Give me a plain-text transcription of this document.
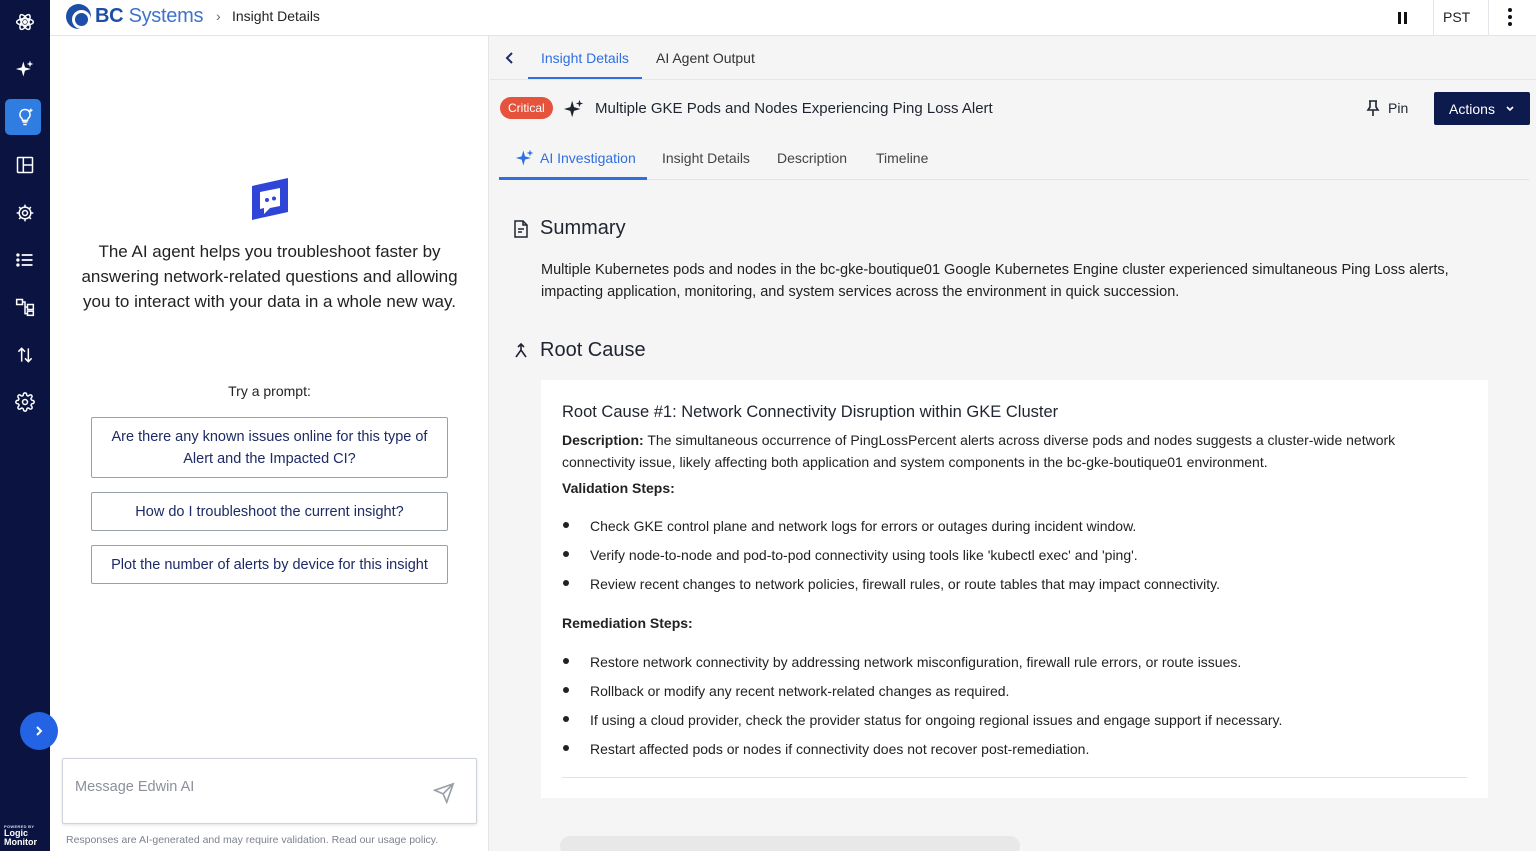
POWERED BY
Logic
Monitor
BC Systems › Insight Details	PST

The AI agent helps you troubleshoot faster by answering network-related questions and allowing you to interact with your data in a whole new way.

Try a prompt:

Are there any known issues online for this type of Alert and the Impacted CI?
How do I troubleshoot the current insight?
Plot the number of alerts by device for this insight
Message Edwin AI

Responses are AI-generated and may require validation. Read our usage policy.

Insight Details AI Agent Output
Critical	Multiple GKE Pods and Nodes Experiencing Ping Loss Alert	Pin	Actions
AI Investigation Insight Details Description Timeline
Summary

Multiple Kubernetes pods and nodes in the bc-gke-boutique01 Google Kubernetes Engine cluster experienced simultaneous Ping Loss alerts, impacting application, monitoring, and system services across the environment in quick succession.

Root Cause
Root Cause #1: Network Connectivity Disruption within GKE Cluster

Description: The simultaneous occurrence of PingLossPercent alerts across diverse pods and nodes suggests a cluster-wide network connectivity issue, likely affecting both application and system components in the bc-gke-boutique01 environment.

Validation Steps:

Check GKE control plane and network logs for errors or outages during incident window.

Verify node-to-node and pod-to-pod connectivity using tools like 'kubectl exec' and 'ping'.

Review recent changes to network policies, firewall rules, or route tables that may impact connectivity.

Remediation Steps:

Restore network connectivity by addressing network misconfiguration, firewall rule errors, or route issues.

Rollback or modify any recent network-related changes as required.

If using a cloud provider, check the provider status for ongoing regional issues and engage support if necessary.

Restart affected pods or nodes if connectivity does not recover post-remediation.
